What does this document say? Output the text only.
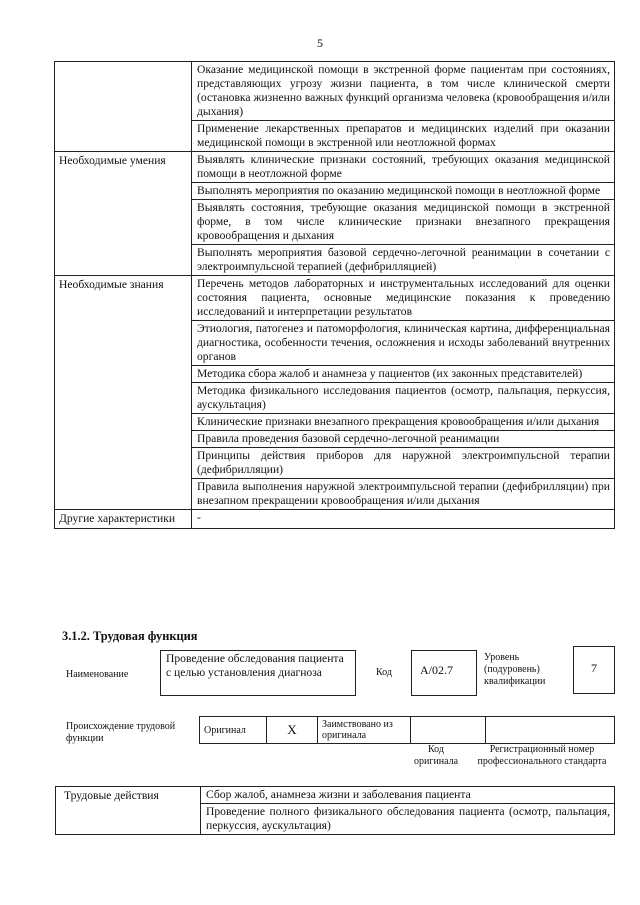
5
	Оказание медицинской помощи в экстренной форме пациентам при состояниях, представляющих угрозу жизни пациента, в том числе клинической смерти (остановка жизненно важных функций организма человека (кровообращения и/или дыхания)
	Применение лекарственных препаратов и медицинских изделий при оказании медицинской помощи в экстренной или неотложной формах
Необходимые умения	Выявлять клинические признаки состояний, требующих оказания медицинской помощи в неотложной форме
	Выполнять мероприятия по оказанию медицинской помощи в неотложной форме
	Выявлять состояния, требующие оказания медицинской помощи в экстренной форме, в том числе клинические признаки внезапного прекращения кровообращения и дыхания
	Выполнять мероприятия базовой сердечно-легочной реанимации в сочетании с электроимпульсной терапией (дефибрилляцией)
Необходимые знания	Перечень методов лабораторных и инструментальных исследований для оценки состояния пациента, основные медицинские показания к проведению исследований и интерпретации результатов
	Этиология, патогенез и патоморфология, клиническая картина, дифференциальная диагностика, особенности течения, осложнения и исходы заболеваний внутренних органов
	Методика сбора жалоб и анамнеза у пациентов (их законных представителей)
	Методика физикального исследования пациентов (осмотр, пальпация, перкуссия, аускультация)
	Клинические признаки внезапного прекращения кровообращения и/или дыхания
	Правила проведения базовой сердечно-легочной реанимации
	Принципы действия приборов для наружной электроимпульсной терапии (дефибрилляции)
	Правила выполнения наружной электроимпульсной терапии (дефибрилляции) при внезапном прекращении кровообращения и/или дыхания
Другие характеристики	-
3.1.2. Трудовая функция
Наименование
Проведение обследования пациента с целью установления диагноза	Код	А/02.7
Уровень (подуровень) квалификации
7
Происхождение трудовой функции
Оригинал	X	Заимствовано из оригинала		
Код оригинала
Регистрационный номер профессионального стандарта
Трудовые действия	Сбор жалоб, анамнеза жизни и заболевания пациента
Проведение полного физикального обследования пациента (осмотр, пальпация, перкуссия, аускультация)
